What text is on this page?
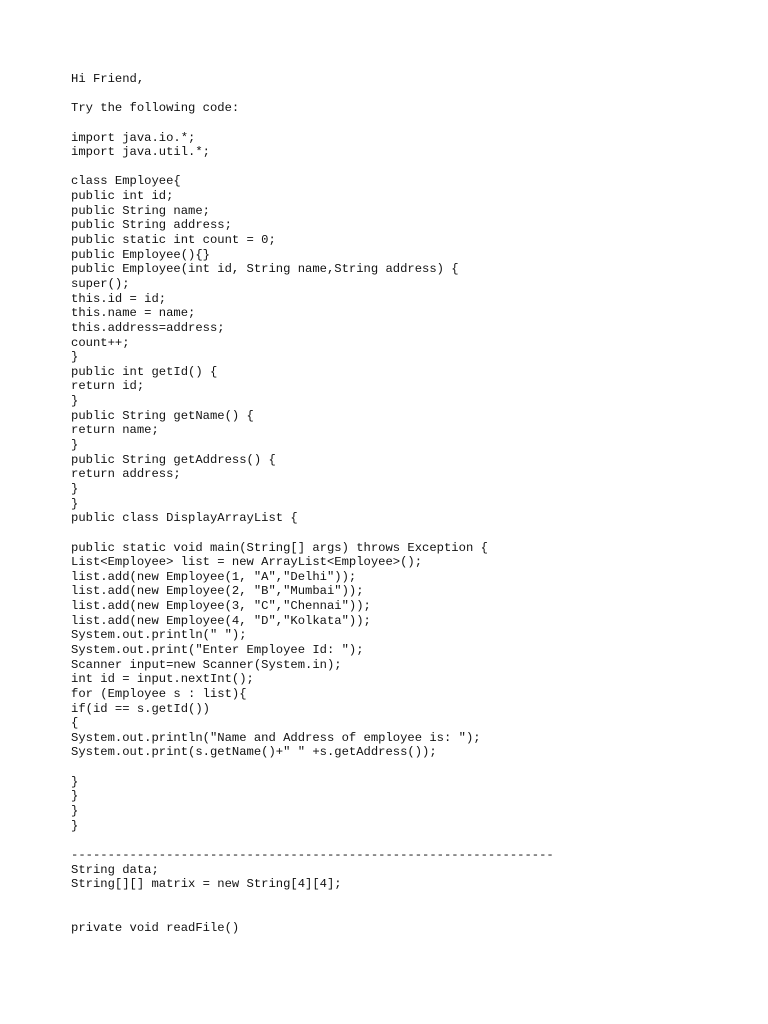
Hi Friend,
Try the following code:
import java.io.*;
import java.util.*;
class Employee{
public int id;
public String name;
public String address;
public static int count = 0;
public Employee(){}
public Employee(int id, String name,String address) {
super();
this.id = id;
this.name = name;
this.address=address;
count++;
}
public int getId() {
return id;
}
public String getName() {
return name;
}
public String getAddress() {
return address;
}
}
public class DisplayArrayList {
public static void main(String[] args) throws Exception {
List<Employee> list = new ArrayList<Employee>();
list.add(new Employee(1, "A","Delhi"));
list.add(new Employee(2, "B","Mumbai"));
list.add(new Employee(3, "C","Chennai"));
list.add(new Employee(4, "D","Kolkata"));
System.out.println(" ");
System.out.print("Enter Employee Id: ");
Scanner input=new Scanner(System.in);
int id = input.nextInt();
for (Employee s : list){
if(id == s.getId())
{
System.out.println("Name and Address of employee is: ");
System.out.print(s.getName()+" " +s.getAddress());
}
}
}
}
------------------------------------------------------------------
String data;
String[][] matrix = new String[4][4];
private void readFile()
